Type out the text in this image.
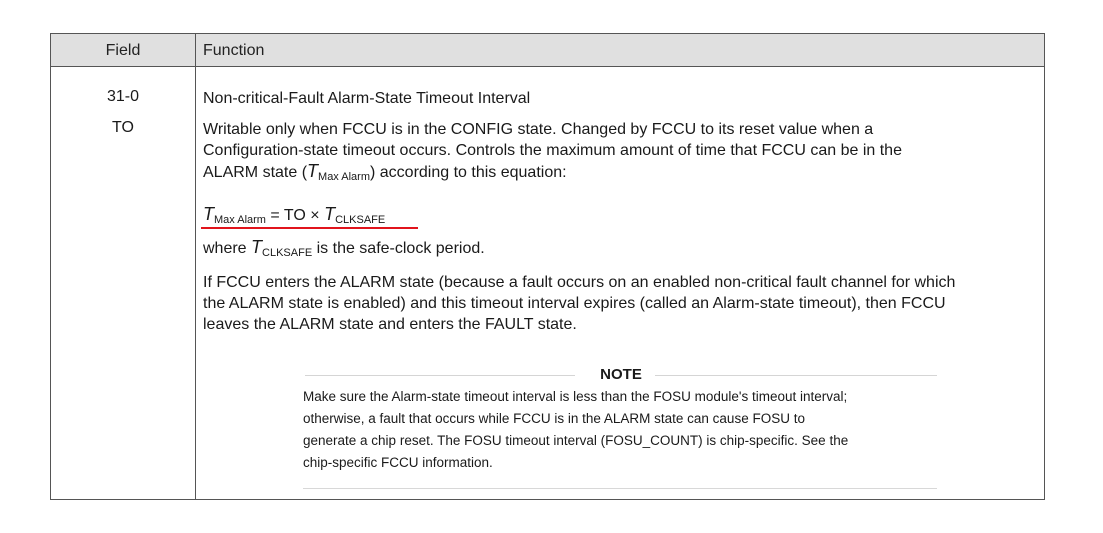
Field	Function
31-0	Non-critical-Fault Alarm-State Timeout Interval
TO	Writable only when FCCU is in the CONFIG state. Changed by FCCU to its reset value when a
Configuration-state timeout occurs. Controls the maximum amount of time that FCCU can be in the
ALARM state $(T_{Max Alarm})$ according to this equation:
$T_{Max Alarm}$ = TO × $T_{CLKSAFE}$
where $T_{CLKSAFE}$ is the safe-clock period.
If FCCU enters the ALARM state (because a fault occurs on an enabled non-critical fault channel for which
the ALARM state is enabled) and this timeout interval expires (called an Alarm-state timeout), then FCCU
leaves the ALARM state and enters the FAULT state.
NOTE
Make sure the Alarm-state timeout interval is less than the FOSU module's timeout interval;
otherwise, a fault that occurs while FCCU is in the ALARM state can cause FOSU to
generate a chip reset. The FOSU timeout interval (FOSU_COUNT) is chip-specific. See the
chip-specific FCCU information.
